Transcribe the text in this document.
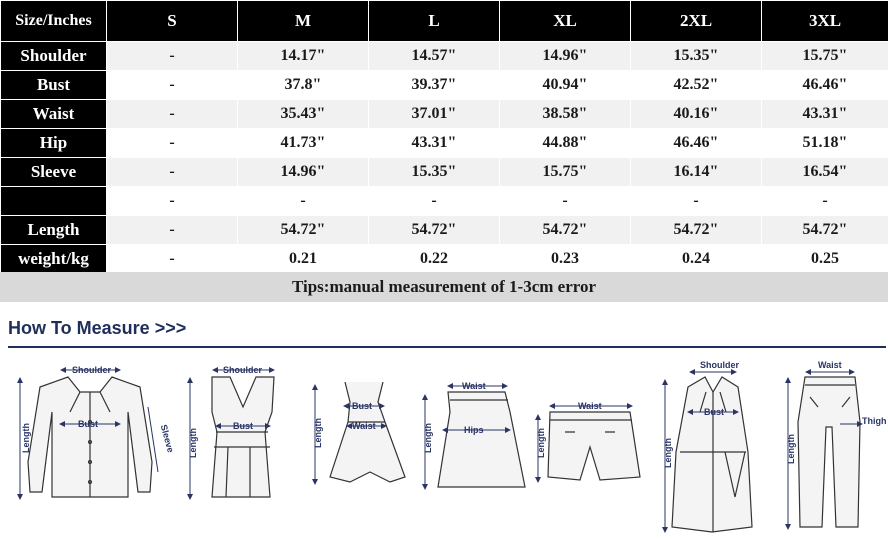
Size/Inches	S	M	L	XL	2XL	3XL
Shoulder	-	14.17"	14.57"	14.96"	15.35"	15.75"
Bust	-	37.8"	39.37"	40.94"	42.52"	46.46"
Waist	-	35.43"	37.01"	38.58"	40.16"	43.31"
Hip	-	41.73"	43.31"	44.88"	46.46"	51.18"
Sleeve	-	14.96"	15.35"	15.75"	16.14"	16.54"
	-	-	-	-	-	-
Length	-	54.72"	54.72"	54.72"	54.72"	54.72"
weight/kg	-	0.21	0.22	0.23	0.24	0.25
Tips:manual measurement of 1-3cm error
How To Measure >>>
Shoulder
Bust
Length	Sleeve
Shoulder
Bust
Length
Bust
Waist
Length
Waist
Hips
Length
Waist
Length
Shoulder
Bust
Length
Waist
Length
Thigh
